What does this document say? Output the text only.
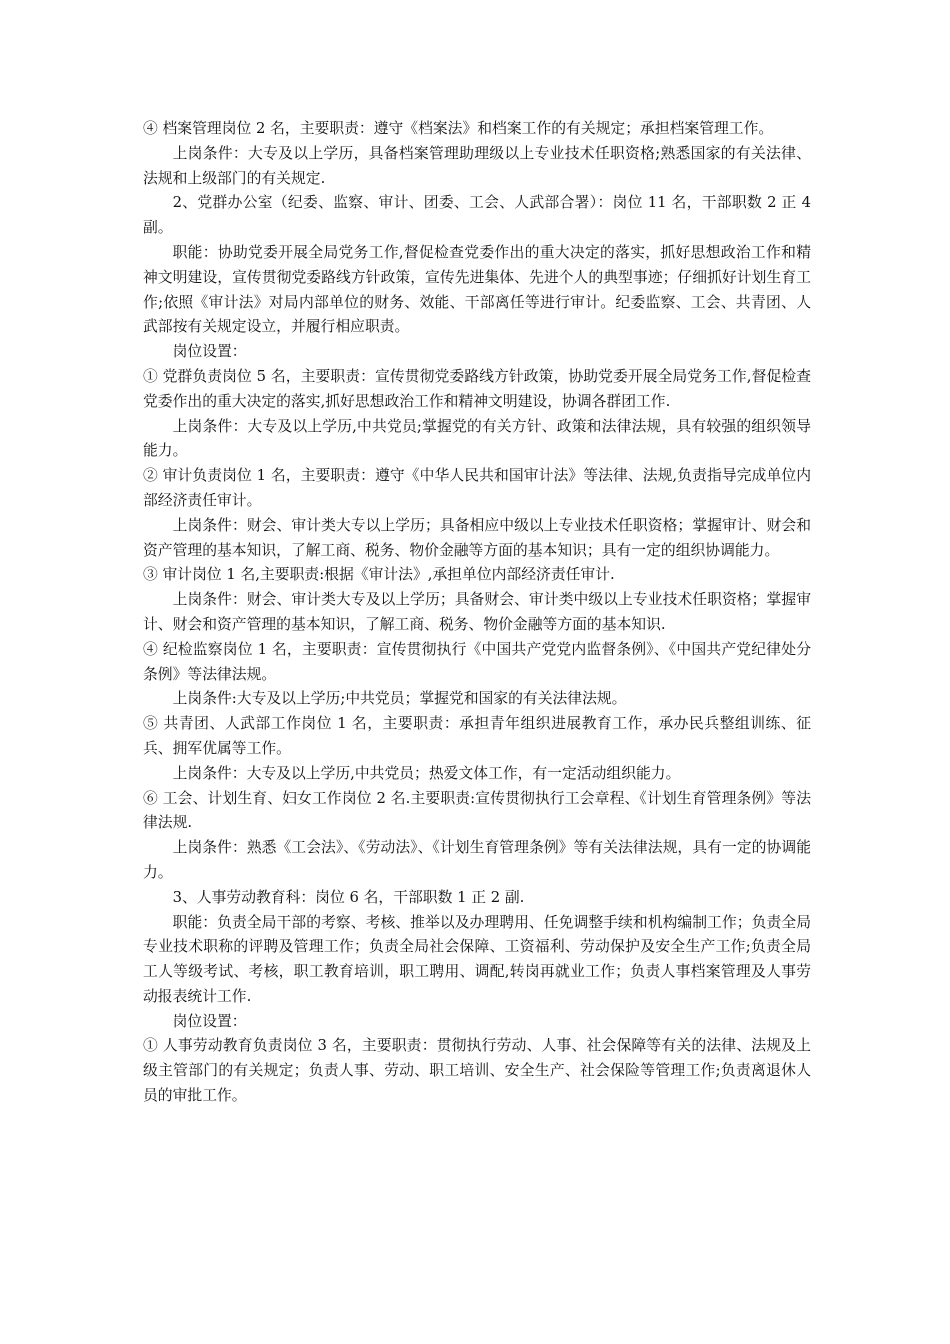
④ 档案管理岗位 2 名，主要职责：遵守《档案法》和档案工作的有关规定；承担档案管理工作。

上岗条件：大专及以上学历，具备档案管理助理级以上专业技术任职资格;熟悉国家的有关法律、法规和上级部门的有关规定.

2、党群办公室（纪委、监察、审计、团委、工会、人武部合署）：岗位 11 名，干部职数 2 正 4 副。

职能：协助党委开展全局党务工作,督促检查党委作出的重大决定的落实，抓好思想政治工作和精神文明建设，宣传贯彻党委路线方针政策，宣传先进集体、先进个人的典型事迹；仔细抓好计划生育工作;依照《审计法》对局内部单位的财务、效能、干部离任等进行审计。纪委监察、工会、共青团、人武部按有关规定设立，并履行相应职责。

岗位设置：

① 党群负责岗位 5 名，主要职责：宣传贯彻党委路线方针政策，协助党委开展全局党务工作,督促检查党委作出的重大决定的落实,抓好思想政治工作和精神文明建设，协调各群团工作.

上岗条件：大专及以上学历,中共党员;掌握党的有关方针、政策和法律法规，具有较强的组织领导能力。

② 审计负责岗位 1 名，主要职责：遵守《中华人民共和国审计法》等法律、法规,负责指导完成单位内部经济责任审计。

上岗条件：财会、审计类大专以上学历；具备相应中级以上专业技术任职资格；掌握审计、财会和资产管理的基本知识，了解工商、税务、物价金融等方面的基本知识；具有一定的组织协调能力。

③ 审计岗位 1 名,主要职责:根据《审计法》,承担单位内部经济责任审计.

上岗条件：财会、审计类大专及以上学历；具备财会、审计类中级以上专业技术任职资格；掌握审计、财会和资产管理的基本知识，了解工商、税务、物价金融等方面的基本知识.

④ 纪检监察岗位 1 名，主要职责：宣传贯彻执行《中国共产党党内监督条例》、《中国共产党纪律处分条例》等法律法规。

上岗条件:大专及以上学历;中共党员；掌握党和国家的有关法律法规。

⑤ 共青团、人武部工作岗位 1 名，主要职责：承担青年组织进展教育工作，承办民兵整组训练、征兵、拥军优属等工作。

上岗条件：大专及以上学历,中共党员；热爱文体工作，有一定活动组织能力。

⑥ 工会、计划生育、妇女工作岗位 2 名.主要职责:宣传贯彻执行工会章程、《计划生育管理条例》等法律法规.

上岗条件：熟悉《工会法》、《劳动法》、《计划生育管理条例》等有关法律法规，具有一定的协调能力。

3、人事劳动教育科：岗位 6 名，干部职数 1 正 2 副.

职能：负责全局干部的考察、考核、推举以及办理聘用、任免调整手续和机构编制工作；负责全局专业技术职称的评聘及管理工作；负责全局社会保障、工资福利、劳动保护及安全生产工作;负责全局工人等级考试、考核，职工教育培训，职工聘用、调配,转岗再就业工作；负责人事档案管理及人事劳动报表统计工作.

岗位设置：

① 人事劳动教育负责岗位 3 名，主要职责：贯彻执行劳动、人事、社会保障等有关的法律、法规及上级主管部门的有关规定；负责人事、劳动、职工培训、安全生产、社会保险等管理工作;负责离退休人员的审批工作。
